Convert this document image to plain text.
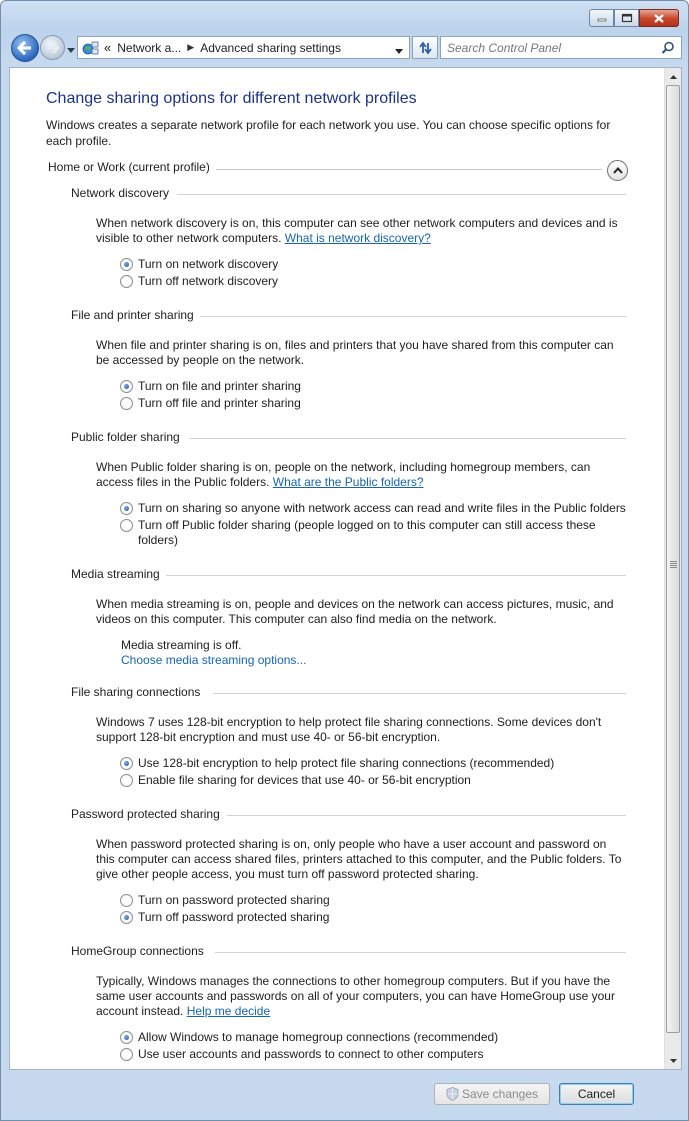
« Network a... ▶ Advanced sharing settings
Search Control Panel
Change sharing options for different network profiles
Windows creates a separate network profile for each network you use. You can choose specific options for each profile.
Home or Work (current profile)
Network discovery
When network discovery is on, this computer can see other network computers and devices and is visible to other network computers. What is network discovery?
Turn on network discovery
Turn off network discovery
File and printer sharing
When file and printer sharing is on, files and printers that you have shared from this computer can be accessed by people on the network.
Turn on file and printer sharing
Turn off file and printer sharing
Public folder sharing
When Public folder sharing is on, people on the network, including homegroup members, can access files in the Public folders. What are the Public folders?
Turn on sharing so anyone with network access can read and write files in the Public folders
Turn off Public folder sharing (people logged on to this computer can still access these folders)
Media streaming
When media streaming is on, people and devices on the network can access pictures, music, and videos on this computer. This computer can also find media on the network.
Media streaming is off.
Choose media streaming options...
File sharing connections
Windows 7 uses 128-bit encryption to help protect file sharing connections. Some devices don't support 128-bit encryption and must use 40- or 56-bit encryption.
Use 128-bit encryption to help protect file sharing connections (recommended)
Enable file sharing for devices that use 40- or 56-bit encryption
Password protected sharing
When password protected sharing is on, only people who have a user account and password on this computer can access shared files, printers attached to this computer, and the Public folders. To give other people access, you must turn off password protected sharing.
Turn on password protected sharing
Turn off password protected sharing
HomeGroup connections
Typically, Windows manages the connections to other homegroup computers. But if you have the same user accounts and passwords on all of your computers, you can have HomeGroup use your account instead. Help me decide
Allow Windows to manage homegroup connections (recommended)
Use user accounts and passwords to connect to other computers
Save changes	Cancel
